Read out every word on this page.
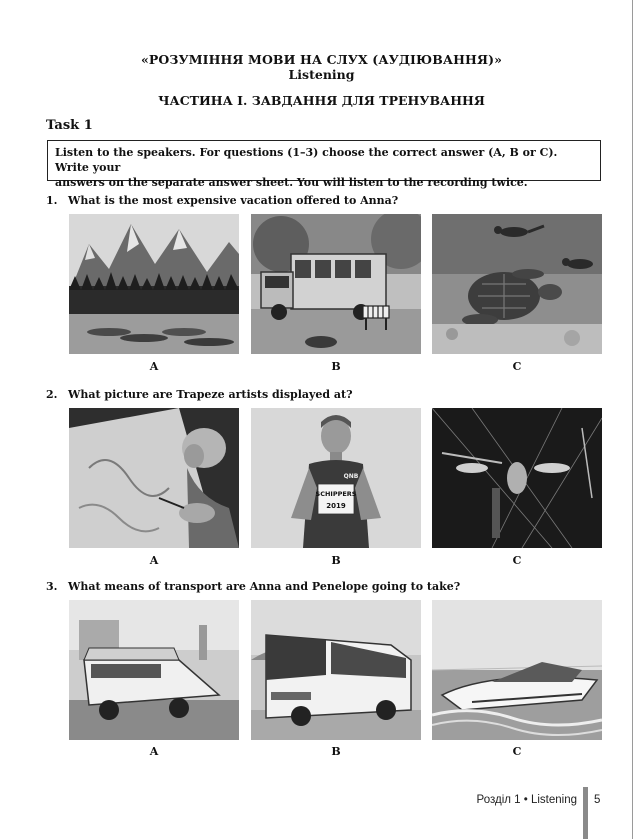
«РОЗУМІННЯ МОВИ НА СЛУХ (АУДІЮВАННЯ)»
Listening
ЧАСТИНА І. ЗАВДАННЯ ДЛЯ ТРЕНУВАННЯ
Task 1
Listen to the speakers. For questions (1–3) choose the correct answer (A, B or C). Write your
answers on the separate answer sheet. You will listen to the recording twice.
1. What is the most expensive vacation offered to Anna?
A	B	C
2. What picture are Trapeze artists displayed at?
SCHIPPERS
2019
QNB
A	B	C
3. What means of transport are Anna and Penelope going to take?
A	B	C
Розділ 1 • Listening 5
